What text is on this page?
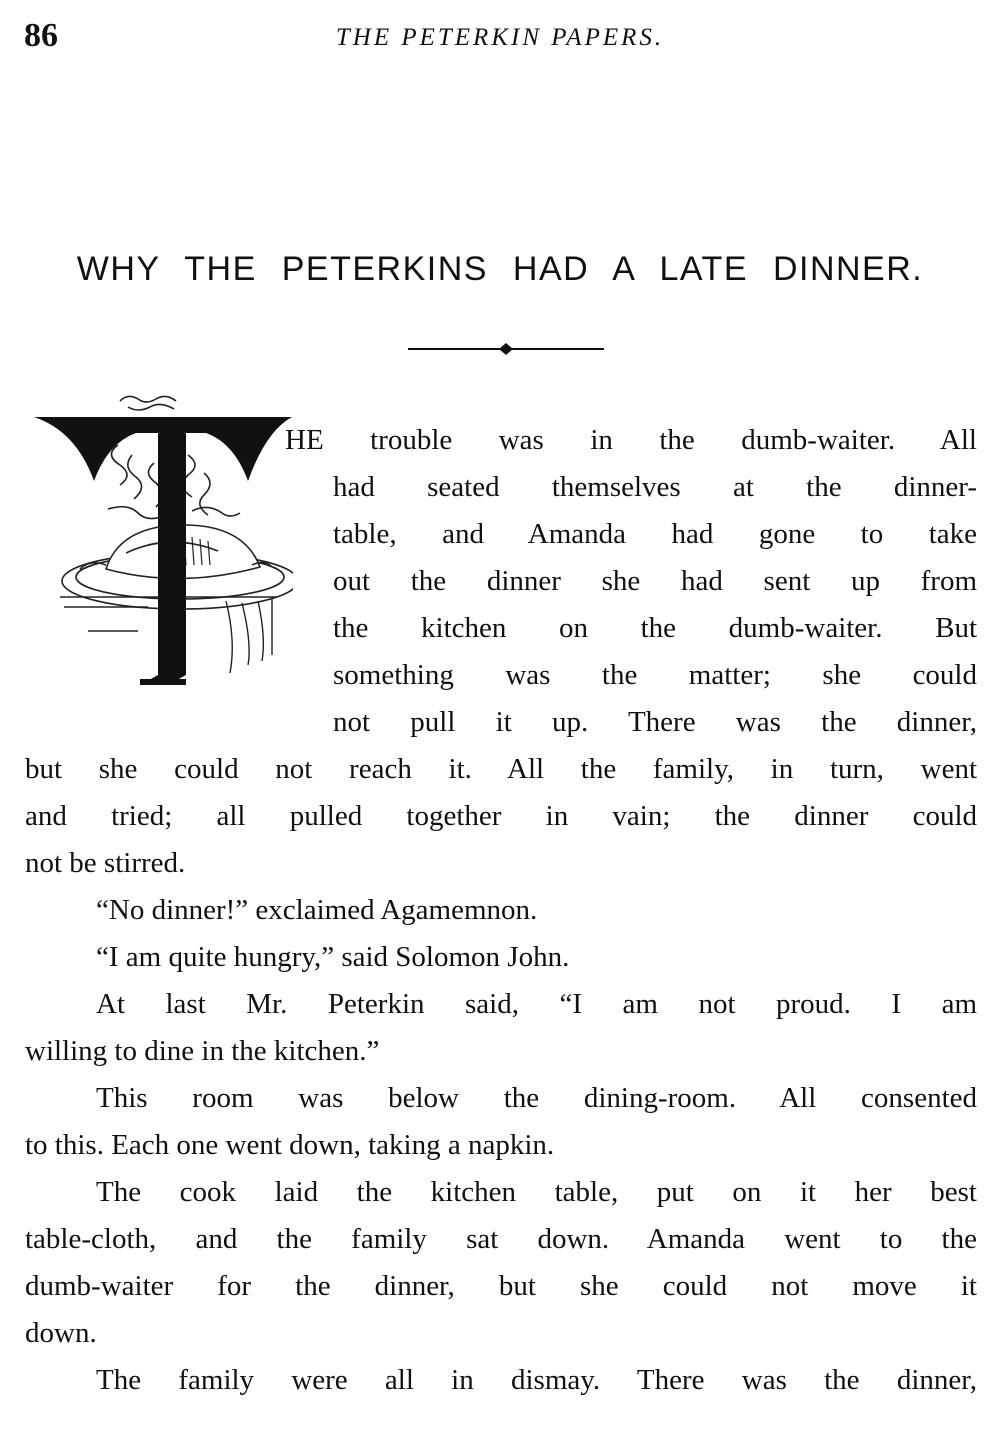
86	THE PETERKIN PAPERS.
WHY THE PETERKINS HAD A LATE DINNER.
HE trouble was in the dumb-waiter. All
had seated themselves at the dinner-
table, and Amanda had gone to take
out the dinner she had sent up from
the kitchen on the dumb-waiter. But
something was the matter; she could
not pull it up. There was the dinner,
but she could not reach it. All the family, in turn, went
and tried; all pulled together in vain; the dinner could
not be stirred.
“No dinner!” exclaimed Agamemnon.
“I am quite hungry,” said Solomon John.
At last Mr. Peterkin said, “I am not proud. I am
willing to dine in the kitchen.”
This room was below the dining-room. All consented
to this. Each one went down, taking a napkin.
The cook laid the kitchen table, put on it her best
table-cloth, and the family sat down. Amanda went to the
dumb-waiter for the dinner, but she could not move it
down.
The family were all in dismay. There was the dinner,
